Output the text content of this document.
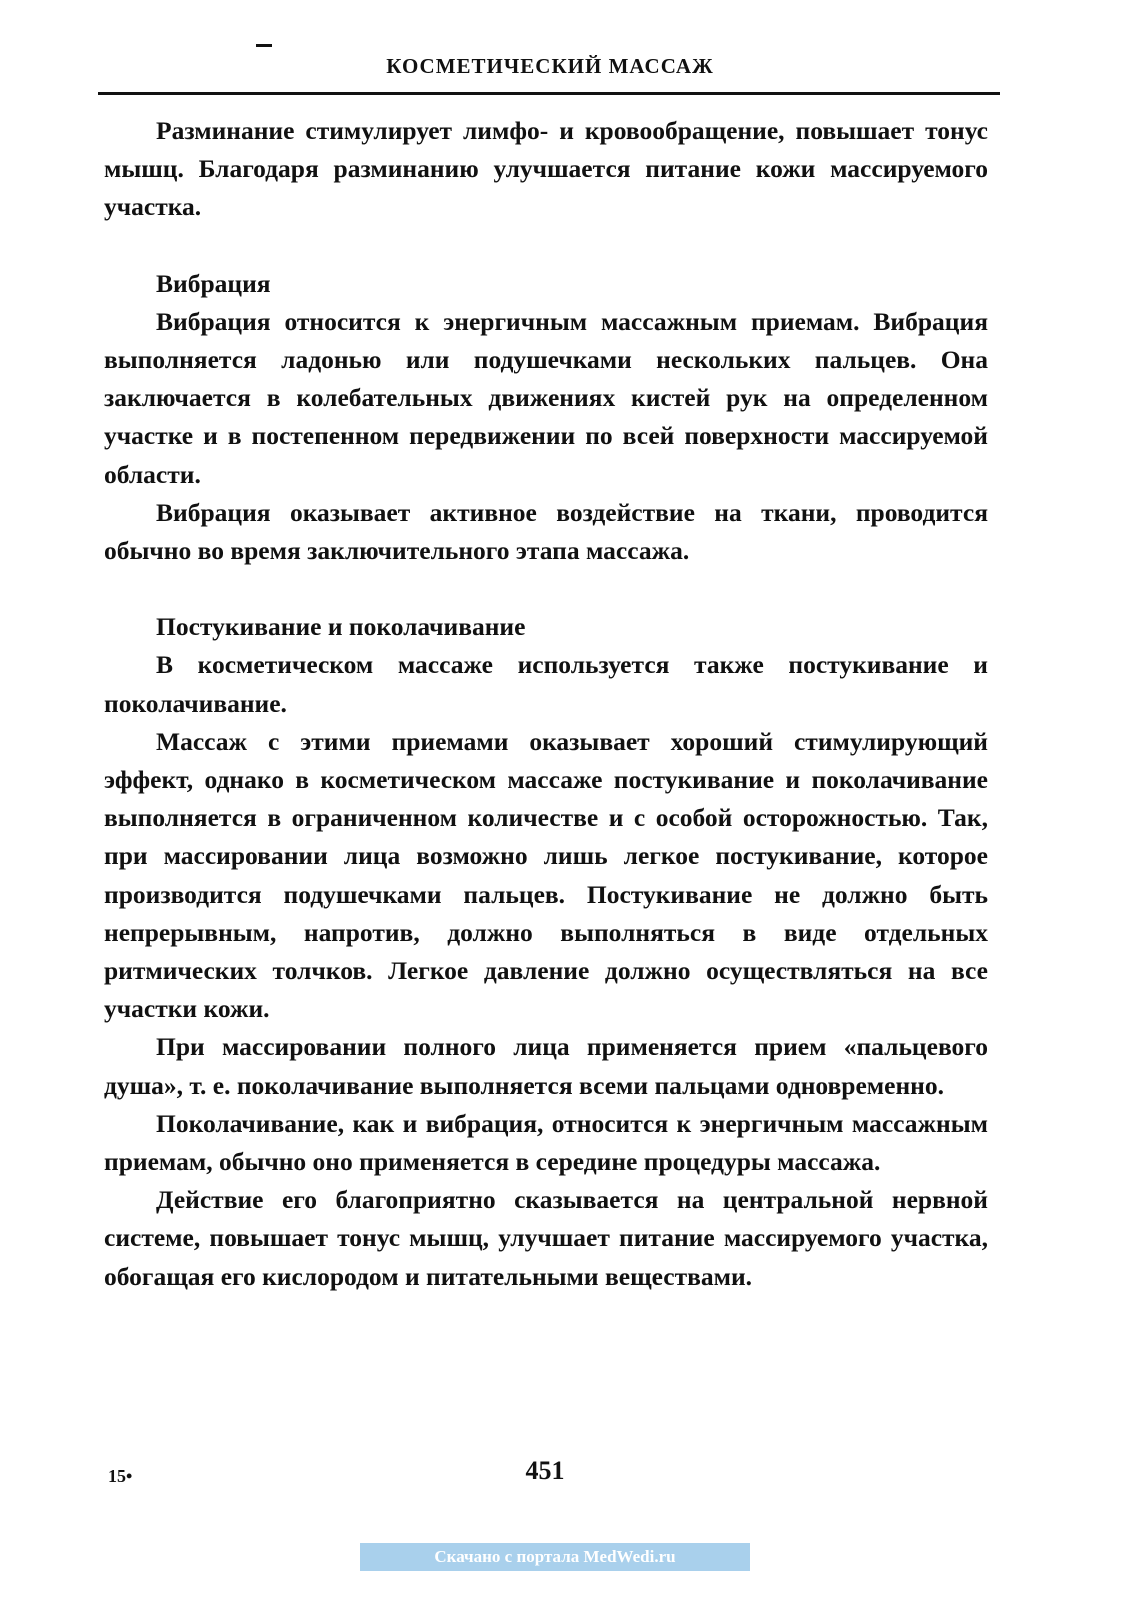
КОСМЕТИЧЕСКИЙ МАССАЖ

Разминание стимулирует лимфо- и кровообращение, повышает тонус мышц. Благодаря разминанию улучшается питание кожи массируемого участка.

Вибрация

Вибрация относится к энергичным массажным приемам. Вибрация выполняется ладонью или подушечками нескольких пальцев. Она заключается в колебательных движениях кистей рук на определенном участке и в постепенном передвижении по всей поверхности массируемой области.

Вибрация оказывает активное воздействие на ткани, проводится обычно во время заключительного этапа массажа.

Постукивание и поколачивание

В косметическом массаже используется также постукивание и поколачивание.

Массаж с этими приемами оказывает хороший стимулирующий эффект, однако в косметическом массаже постукивание и поколачивание выполняется в ограниченном количестве и с особой осторожностью. Так, при массировании лица возможно лишь легкое постукивание, которое производится подушечками пальцев. Постукивание не должно быть непрерывным, напротив, должно выполняться в виде отдельных ритмических толчков. Легкое давление должно осуществляться на все участки кожи.

При массировании полного лица применяется прием «пальцевого душа», т. е. поколачивание выполняется всеми пальцами одновременно.

Поколачивание, как и вибрация, относится к энергичным массажным приемам, обычно оно применяется в середине процедуры массажа.

Действие его благоприятно сказывается на центральной нервной системе, повышает тонус мышц, улучшает питание массируемого участка, обогащая его кислородом и питательными веществами.

15•	451
Скачано с портала MedWedi.ru
